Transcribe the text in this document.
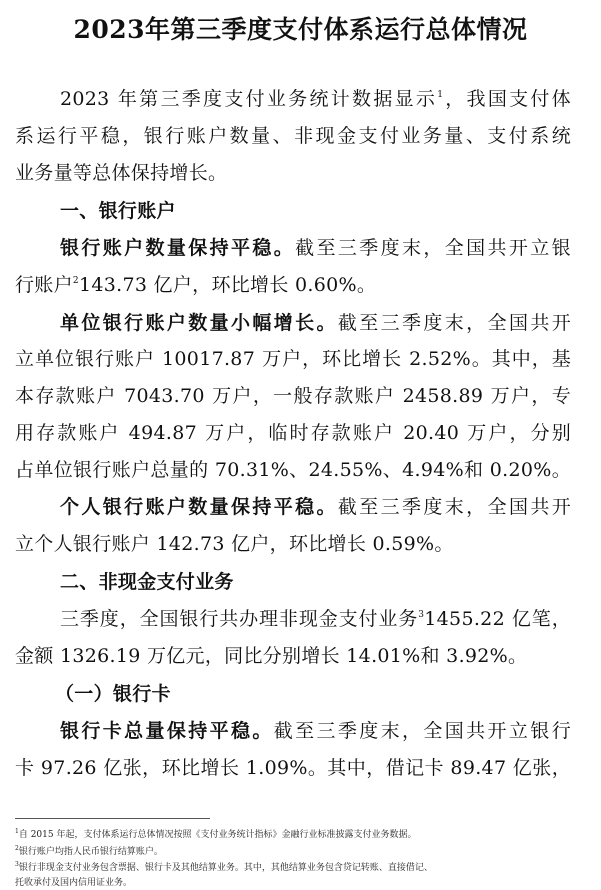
2023年第三季度支付体系运行总体情况
2023 年第三季度支付业务统计数据显示$^1$，我国支付体
系运行平稳，银行账户数量、非现金支付业务量、支付系统
业务量等总体保持增长。
一、银行账户
银行账户数量保持平稳。截至三季度末，全国共开立银
行账户$^2$143.73 亿户，环比增长 0.60%。
单位银行账户数量小幅增长。截至三季度末，全国共开
立单位银行账户 10017.87 万户，环比增长 2.52%。其中，基
本存款账户 7043.70 万户，一般存款账户 2458.89 万户，专
用存款账户 494.87 万户，临时存款账户 20.40 万户，分别
占单位银行账户总量的 70.31%、24.55%、4.94%和 0.20%。
个人银行账户数量保持平稳。截至三季度末，全国共开
立个人银行账户 142.73 亿户，环比增长 0.59%。
二、非现金支付业务
三季度，全国银行共办理非现金支付业务$^3$1455.22 亿笔，
金额 1326.19 万亿元，同比分别增长 14.01%和 3.92%。
（一）银行卡
银行卡总量保持平稳。截至三季度末，全国共开立银行
卡 97.26 亿张，环比增长 1.09%。其中，借记卡 89.47 亿张，
$^1$自 2015 年起，支付体系运行总体情况按照《支付业务统计指标》金融行业标准披露支付业务数据。
$^2$银行账户均指人民币银行结算账户。
$^3$银行非现金支付业务包含票据、银行卡及其他结算业务。其中，其他结算业务包含贷记转账、直接借记、
托收承付及国内信用证业务。
